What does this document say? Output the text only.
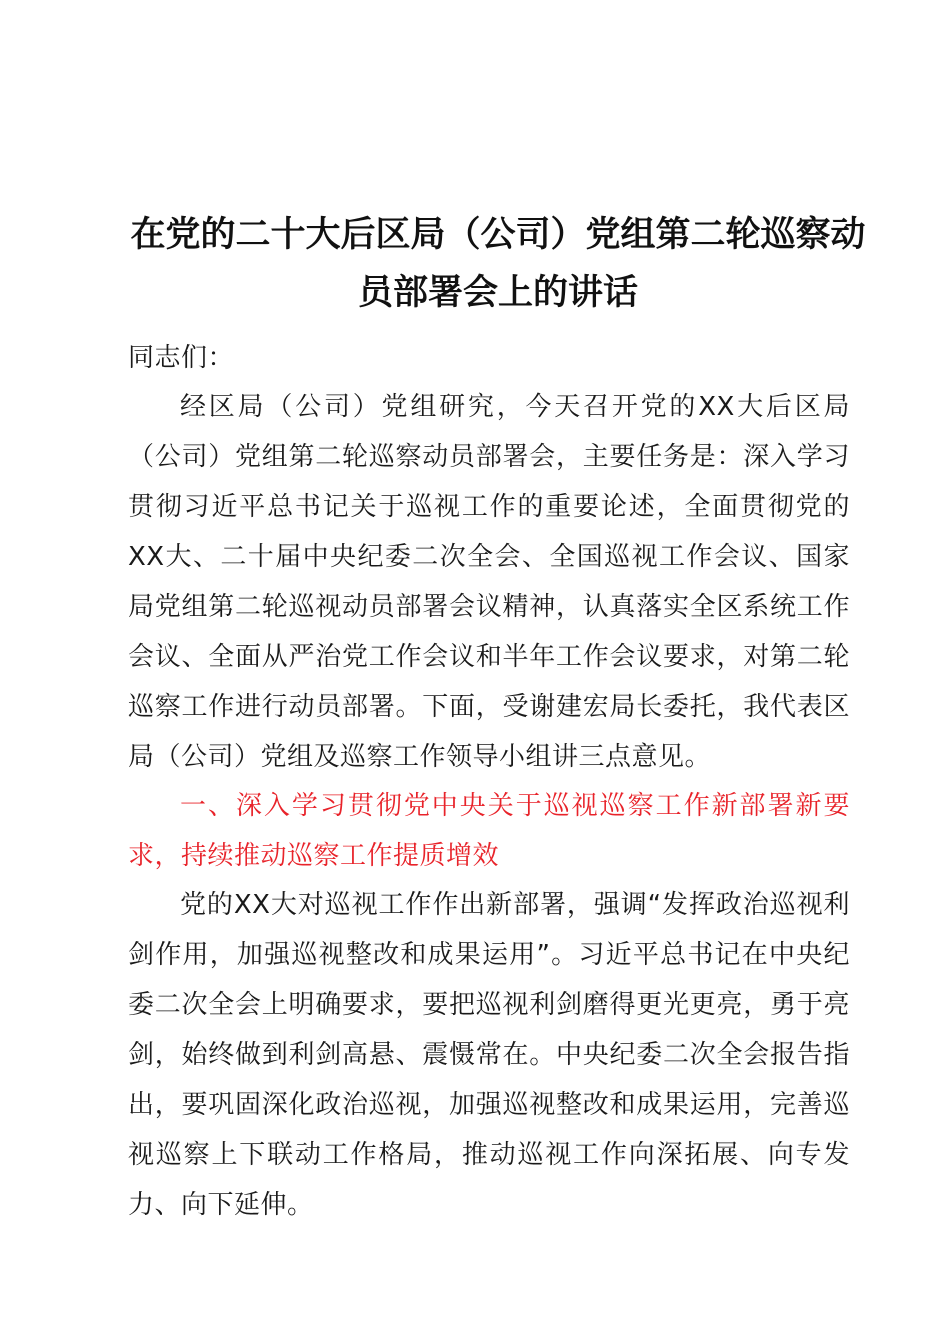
在党的二十大后区局（公司）党组第二轮巡察动员部署会上的讲话

同志们：

经区局（公司）党组研究，今天召开党的XX大后区局（公司）党组第二轮巡察动员部署会，主要任务是：深入学习贯彻习近平总书记关于巡视工作的重要论述，全面贯彻党的XX大、二十届中央纪委二次全会、全国巡视工作会议、国家局党组第二轮巡视动员部署会议精神，认真落实全区系统工作会议、全面从严治党工作会议和半年工作会议要求，对第二轮巡察工作进行动员部署。下面，受谢建宏局长委托，我代表区局（公司）党组及巡察工作领导小组讲三点意见。

一、深入学习贯彻党中央关于巡视巡察工作新部署新要求，持续推动巡察工作提质增效

党的XX大对巡视工作作出新部署，强调“发挥政治巡视利剑作用，加强巡视整改和成果运用”。习近平总书记在中央纪委二次全会上明确要求，要把巡视利剑磨得更光更亮，勇于亮剑，始终做到利剑高悬、震慑常在。中央纪委二次全会报告指出，要巩固深化政治巡视，加强巡视整改和成果运用，完善巡视巡察上下联动工作格局，推动巡视工作向深拓展、向专发力、向下延伸。
